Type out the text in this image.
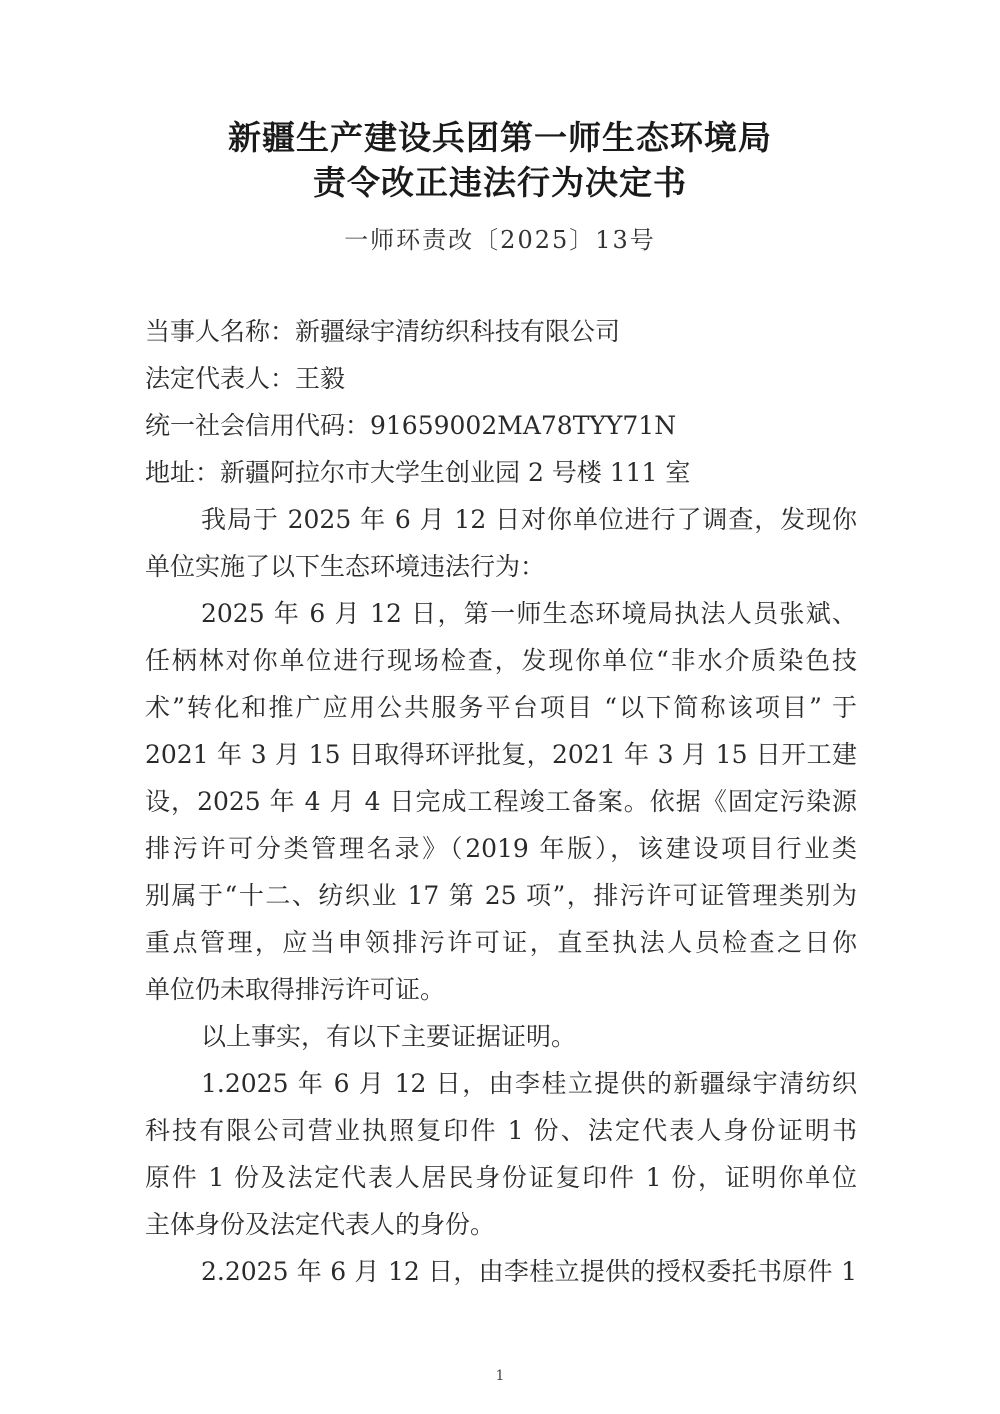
新疆生产建设兵团第一师生态环境局
责令改正违法行为决定书
一师环责改〔2025〕13号
当事人名称：新疆绿宇清纺织科技有限公司
法定代表人：王毅
统一社会信用代码：91659002MA78TYY71N
地址：新疆阿拉尔市大学生创业园 2 号楼 111 室
我局于 2025 年 6 月 12 日对你单位进行了调查，发现你
单位实施了以下生态环境违法行为：
2025 年 6 月 12 日，第一师生态环境局执法人员张斌、
任柄林对你单位进行现场检查，发现你单位“非水介质染色技
术”转化和推广应用公共服务平台项目 “以下简称该项目” 于
2021 年 3 月 15 日取得环评批复，2021 年 3 月 15 日开工建
设，2025 年 4 月 4 日完成工程竣工备案。依据《固定污染源
排污许可分类管理名录》（2019 年版），该建设项目行业类
别属于“十二、纺织业 17 第 25 项”，排污许可证管理类别为
重点管理，应当申领排污许可证，直至执法人员检查之日你
单位仍未取得排污许可证。
以上事实，有以下主要证据证明。
1.2025 年 6 月 12 日，由李桂立提供的新疆绿宇清纺织
科技有限公司营业执照复印件 1 份、法定代表人身份证明书
原件 1 份及法定代表人居民身份证复印件 1 份，证明你单位
主体身份及法定代表人的身份。
2.2025 年 6 月 12 日，由李桂立提供的授权委托书原件 1
1
